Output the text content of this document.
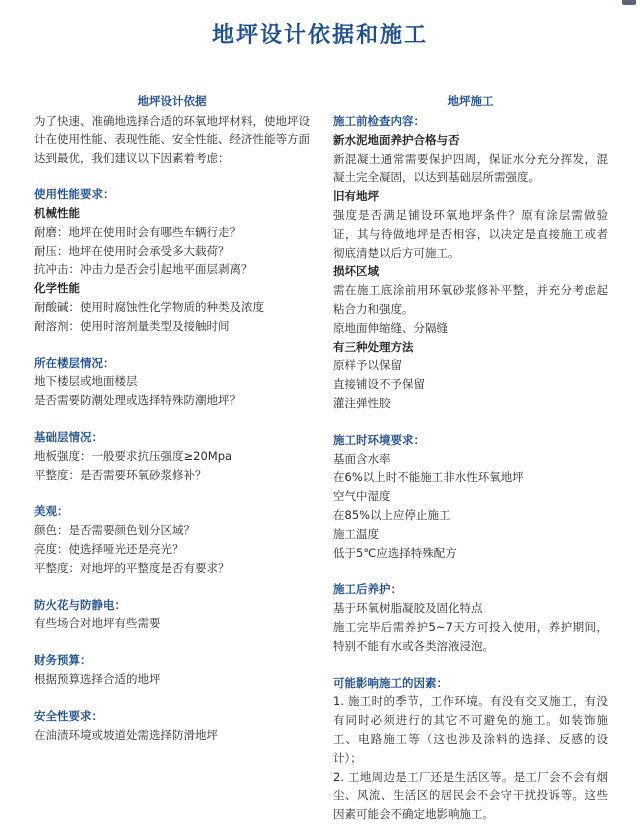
地坪设计依据和施工
地坪设计依据
为了快速、准确地选择合适的环氧地坪材料，使地坪设计在使用性能、表现性能、安全性能、经济性能等方面达到最优，我们建议以下因素着考虑：
使用性能要求：
机械性能
耐磨：地坪在使用时会有哪些车辆行走？
耐压：地坪在使用时会承受多大载荷？
抗冲击：冲击力是否会引起地平面层剥离？
化学性能
耐酸碱：使用时腐蚀性化学物质的种类及浓度
耐溶剂：使用时溶剂量类型及接触时间
所在楼层情况：
地下楼层或地面楼层
是否需要防潮处理或选择特殊防潮地坪？
基础层情况：
地板强度：一般要求抗压强度≥20Mpa
平整度：是否需要环氧砂浆修补？
美观：
颜色：是否需要颜色划分区域？
亮度：使选择哑光还是亮光？
平整度：对地坪的平整度是否有要求？
防火花与防静电：
有些场合对地坪有些需要
财务预算：
根据预算选择合适的地坪
安全性要求：
在油渍环境或坡道处需选择防滑地坪
地坪施工
施工前检查内容：
新水泥地面养护合格与否
新混凝土通常需要保护四周，保证水分充分挥发，混凝土完全凝固，以达到基础层所需强度。
旧有地坪
强度是否满足铺设环氧地坪条件？原有涂层需做验证，其与待做地坪是否相容，以决定是直接施工或者彻底清楚以后方可施工。
损坏区域
需在施工底涂前用环氧砂浆修补平整，并充分考虑起粘合力和强度。
原地面伸缩缝、分隔缝
有三种处理方法
原样予以保留
直接铺设不予保留
灌注弹性胶
施工时环境要求：
基面含水率
在6%以上时不能施工非水性环氧地坪
空气中湿度
在85%以上应停止施工
施工温度
低于5℃应选择特殊配方
施工后养护：
基于环氧树脂凝胶及固化特点
施工完毕后需养护5~7天方可投入使用，养护期间，特别不能有水或各类溶液浸泡。
可能影响施工的因素：
1. 施工时的季节，工作环境。有没有交叉施工，有没有同时必须进行的其它不可避免的施工。如装饰施工、电路施工等（这也涉及涂料的选择、反感的设计）；
2. 工地周边是工厂还是生活区等。是工厂会不会有烟尘、风流、生活区的居民会不会守干扰投诉等。这些因素可能会不确定地影响施工。
